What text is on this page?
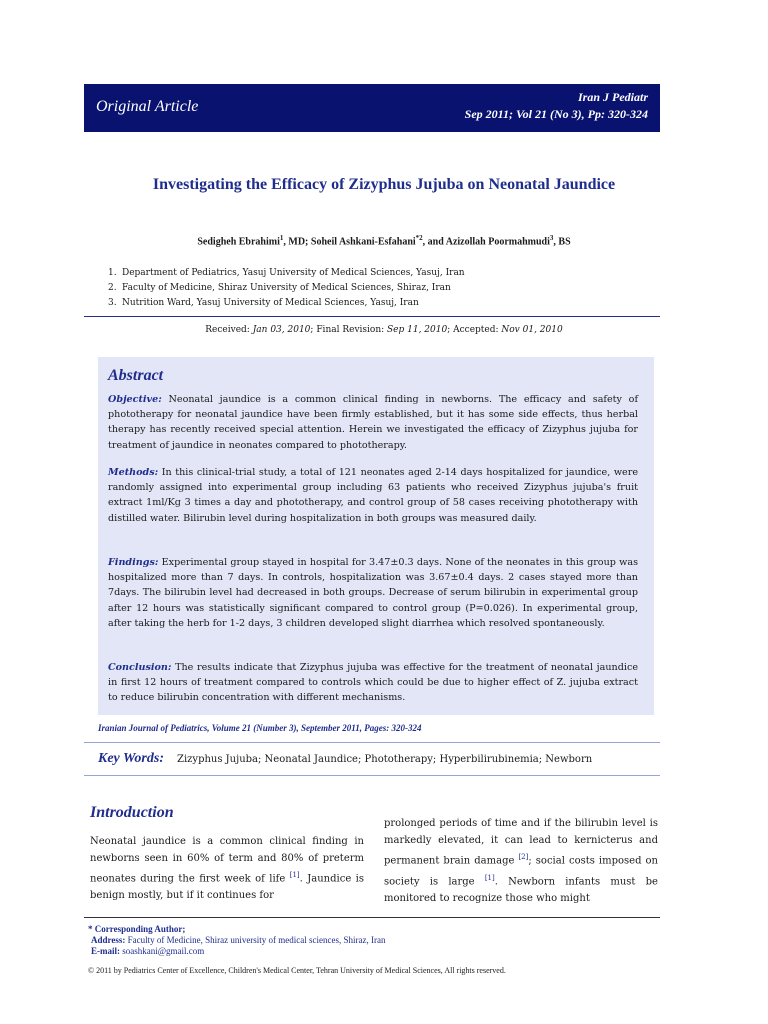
Original Article
Iran J Pediatr
Sep 2011; Vol 21 (No 3), Pp: 320-324
Investigating the Efficacy of Zizyphus Jujuba on Neonatal Jaundice
Sedigheh Ebrahimi$^1$, MD; Soheil Ashkani-Esfahani$^{*2}$, and Azizollah Poormahmudi$^3$, BS
1. Department of Pediatrics, Yasuj University of Medical Sciences, Yasuj, Iran
2. Faculty of Medicine, Shiraz University of Medical Sciences, Shiraz, Iran
3. Nutrition Ward, Yasuj University of Medical Sciences, Yasuj, Iran
Received: Jan 03, 2010; Final Revision: Sep 11, 2010; Accepted: Nov 01, 2010
Abstract
Objective: Neonatal jaundice is a common clinical finding in newborns. The efficacy and safety of phototherapy for neonatal jaundice have been firmly established, but it has some side effects, thus herbal therapy has recently received special attention. Herein we investigated the efficacy of Zizyphus jujuba for treatment of jaundice in neonates compared to phototherapy.
Methods: In this clinical-trial study, a total of 121 neonates aged 2-14 days hospitalized for jaundice, were randomly assigned into experimental group including 63 patients who received Zizyphus jujuba's fruit extract 1ml/Kg 3 times a day and phototherapy, and control group of 58 cases receiving phototherapy with distilled water. Bilirubin level during hospitalization in both groups was measured daily.
Findings: Experimental group stayed in hospital for 3.47±0.3 days. None of the neonates in this group was hospitalized more than 7 days. In controls, hospitalization was 3.67±0.4 days. 2 cases stayed more than 7days. The bilirubin level had decreased in both groups. Decrease of serum bilirubin in experimental group after 12 hours was statistically significant compared to control group (P=0.026). In experimental group, after taking the herb for 1-2 days, 3 children developed slight diarrhea which resolved spontaneously.
Conclusion: The results indicate that Zizyphus jujuba was effective for the treatment of neonatal jaundice in first 12 hours of treatment compared to controls which could be due to higher effect of Z. jujuba extract to reduce bilirubin concentration with different mechanisms.
Iranian Journal of Pediatrics, Volume 21 (Number 3), September 2011, Pages: 320-324
Key Words: Zizyphus Jujuba; Neonatal Jaundice; Phototherapy; Hyperbilirubinemia; Newborn
Introduction
Neonatal jaundice is a common clinical finding in newborns seen in 60% of term and 80% of preterm neonates during the first week of life [1]. Jaundice is benign mostly, but if it continues for
prolonged periods of time and if the bilirubin level is markedly elevated, it can lead to kernicterus and permanent brain damage [2]; social costs imposed on society is large [1]. Newborn infants must be monitored to recognize those who might
* Corresponding Author;
Address: Faculty of Medicine, Shiraz university of medical sciences, Shiraz, Iran
E-mail: soashkani@gmail.com
© 2011 by Pediatrics Center of Excellence, Children's Medical Center, Tehran University of Medical Sciences, All rights reserved.
